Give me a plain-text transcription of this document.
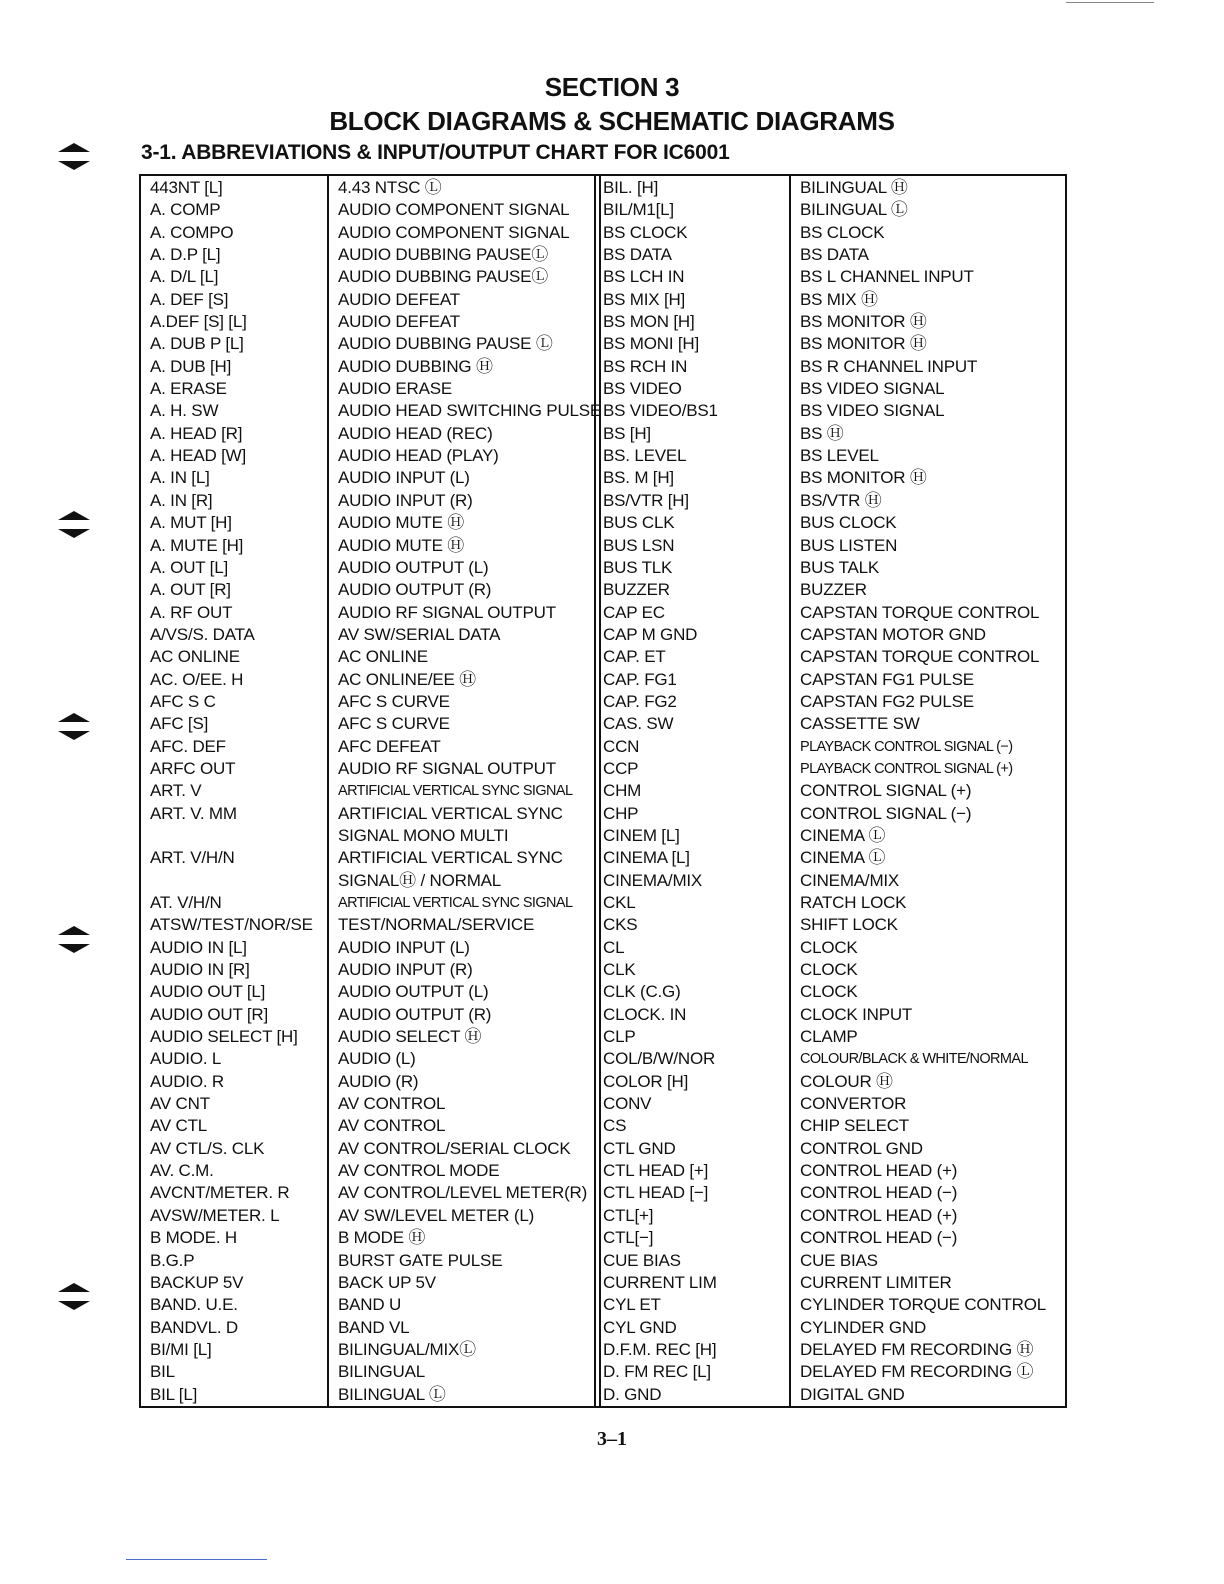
SECTION 3
BLOCK DIAGRAMS & SCHEMATIC DIAGRAMS
3-1. ABBREVIATIONS & INPUT/OUTPUT CHART FOR IC6001
443NT [L]
A. COMP
A. COMPO
A. D.P [L]
A. D/L [L]
A. DEF [S]
A.DEF [S] [L]
A. DUB P [L]
A. DUB [H]
A. ERASE
A. H. SW
A. HEAD [R]
A. HEAD [W]
A. IN [L]
A. IN [R]
A. MUT [H]
A. MUTE [H]
A. OUT [L]
A. OUT [R]
A. RF OUT
A/VS/S. DATA
AC ONLINE
AC. O/EE. H
AFC S C
AFC [S]
AFC. DEF
ARFC OUT
ART. V
ART. V. MM
ART. V/H/N
AT. V/H/N
ATSW/TEST/NOR/SE
AUDIO IN [L]
AUDIO IN [R]
AUDIO OUT [L]
AUDIO OUT [R]
AUDIO SELECT [H]
AUDIO. L
AUDIO. R
AV CNT
AV CTL
AV CTL/S. CLK
AV. C.M.
AVCNT/METER. R
AVSW/METER. L
B MODE. H
B.G.P
BACKUP 5V
BAND. U.E.
BANDVL. D
BI/MI [L]
BIL
BIL [L]
4.43 NTSC Ⓛ
AUDIO COMPONENT SIGNAL
AUDIO COMPONENT SIGNAL
AUDIO DUBBING PAUSEⓁ
AUDIO DUBBING PAUSEⓁ
AUDIO DEFEAT
AUDIO DEFEAT
AUDIO DUBBING PAUSE Ⓛ
AUDIO DUBBING Ⓗ
AUDIO ERASE
AUDIO HEAD SWITCHING PULSE
AUDIO HEAD (REC)
AUDIO HEAD (PLAY)
AUDIO INPUT (L)
AUDIO INPUT (R)
AUDIO MUTE Ⓗ
AUDIO MUTE Ⓗ
AUDIO OUTPUT (L)
AUDIO OUTPUT (R)
AUDIO RF SIGNAL OUTPUT
AV SW/SERIAL DATA
AC ONLINE
AC ONLINE/EE Ⓗ
AFC S CURVE
AFC S CURVE
AFC DEFEAT
AUDIO RF SIGNAL OUTPUT
ARTIFICIAL VERTICAL SYNC SIGNAL
ARTIFICIAL VERTICAL SYNC
SIGNAL MONO MULTI
ARTIFICIAL VERTICAL SYNC
SIGNALⒽ / NORMAL
ARTIFICIAL VERTICAL SYNC SIGNAL
TEST/NORMAL/SERVICE
AUDIO INPUT (L)
AUDIO INPUT (R)
AUDIO OUTPUT (L)
AUDIO OUTPUT (R)
AUDIO SELECT Ⓗ
AUDIO (L)
AUDIO (R)
AV CONTROL
AV CONTROL
AV CONTROL/SERIAL CLOCK
AV CONTROL MODE
AV CONTROL/LEVEL METER(R)
AV SW/LEVEL METER (L)
B MODE Ⓗ
BURST GATE PULSE
BACK UP 5V
BAND U
BAND VL
BILINGUAL/MIXⓁ
BILINGUAL
BILINGUAL Ⓛ
BIL. [H]
BIL/M1[L]
BS CLOCK
BS DATA
BS LCH IN
BS MIX [H]
BS MON [H]
BS MONI [H]
BS RCH IN
BS VIDEO
BS VIDEO/BS1
BS [H]
BS. LEVEL
BS. M [H]
BS/VTR [H]
BUS CLK
BUS LSN
BUS TLK
BUZZER
CAP EC
CAP M GND
CAP. ET
CAP. FG1
CAP. FG2
CAS. SW
CCN
CCP
CHM
CHP
CINEM [L]
CINEMA [L]
CINEMA/MIX
CKL
CKS
CL
CLK
CLK (C.G)
CLOCK. IN
CLP
COL/B/W/NOR
COLOR [H]
CONV
CS
CTL GND
CTL HEAD [+]
CTL HEAD [−]
CTL[+]
CTL[−]
CUE BIAS
CURRENT LIM
CYL ET
CYL GND
D.F.M. REC [H]
D. FM REC [L]
D. GND
BILINGUAL Ⓗ
BILINGUAL Ⓛ
BS CLOCK
BS DATA
BS L CHANNEL INPUT
BS MIX Ⓗ
BS MONITOR Ⓗ
BS MONITOR Ⓗ
BS R CHANNEL INPUT
BS VIDEO SIGNAL
BS VIDEO SIGNAL
BS Ⓗ
BS LEVEL
BS MONITOR Ⓗ
BS/VTR Ⓗ
BUS CLOCK
BUS LISTEN
BUS TALK
BUZZER
CAPSTAN TORQUE CONTROL
CAPSTAN MOTOR GND
CAPSTAN TORQUE CONTROL
CAPSTAN FG1 PULSE
CAPSTAN FG2 PULSE
CASSETTE SW
PLAYBACK CONTROL SIGNAL (−)
PLAYBACK CONTROL SIGNAL (+)
CONTROL SIGNAL (+)
CONTROL SIGNAL (−)
CINEMA Ⓛ
CINEMA Ⓛ
CINEMA/MIX
RATCH LOCK
SHIFT LOCK
CLOCK
CLOCK
CLOCK
CLOCK INPUT
CLAMP
COLOUR/BLACK & WHITE/NORMAL
COLOUR Ⓗ
CONVERTOR
CHIP SELECT
CONTROL GND
CONTROL HEAD (+)
CONTROL HEAD (−)
CONTROL HEAD (+)
CONTROL HEAD (−)
CUE BIAS
CURRENT LIMITER
CYLINDER TORQUE CONTROL
CYLINDER GND
DELAYED FM RECORDING Ⓗ
DELAYED FM RECORDING Ⓛ
DIGITAL GND
3–1
